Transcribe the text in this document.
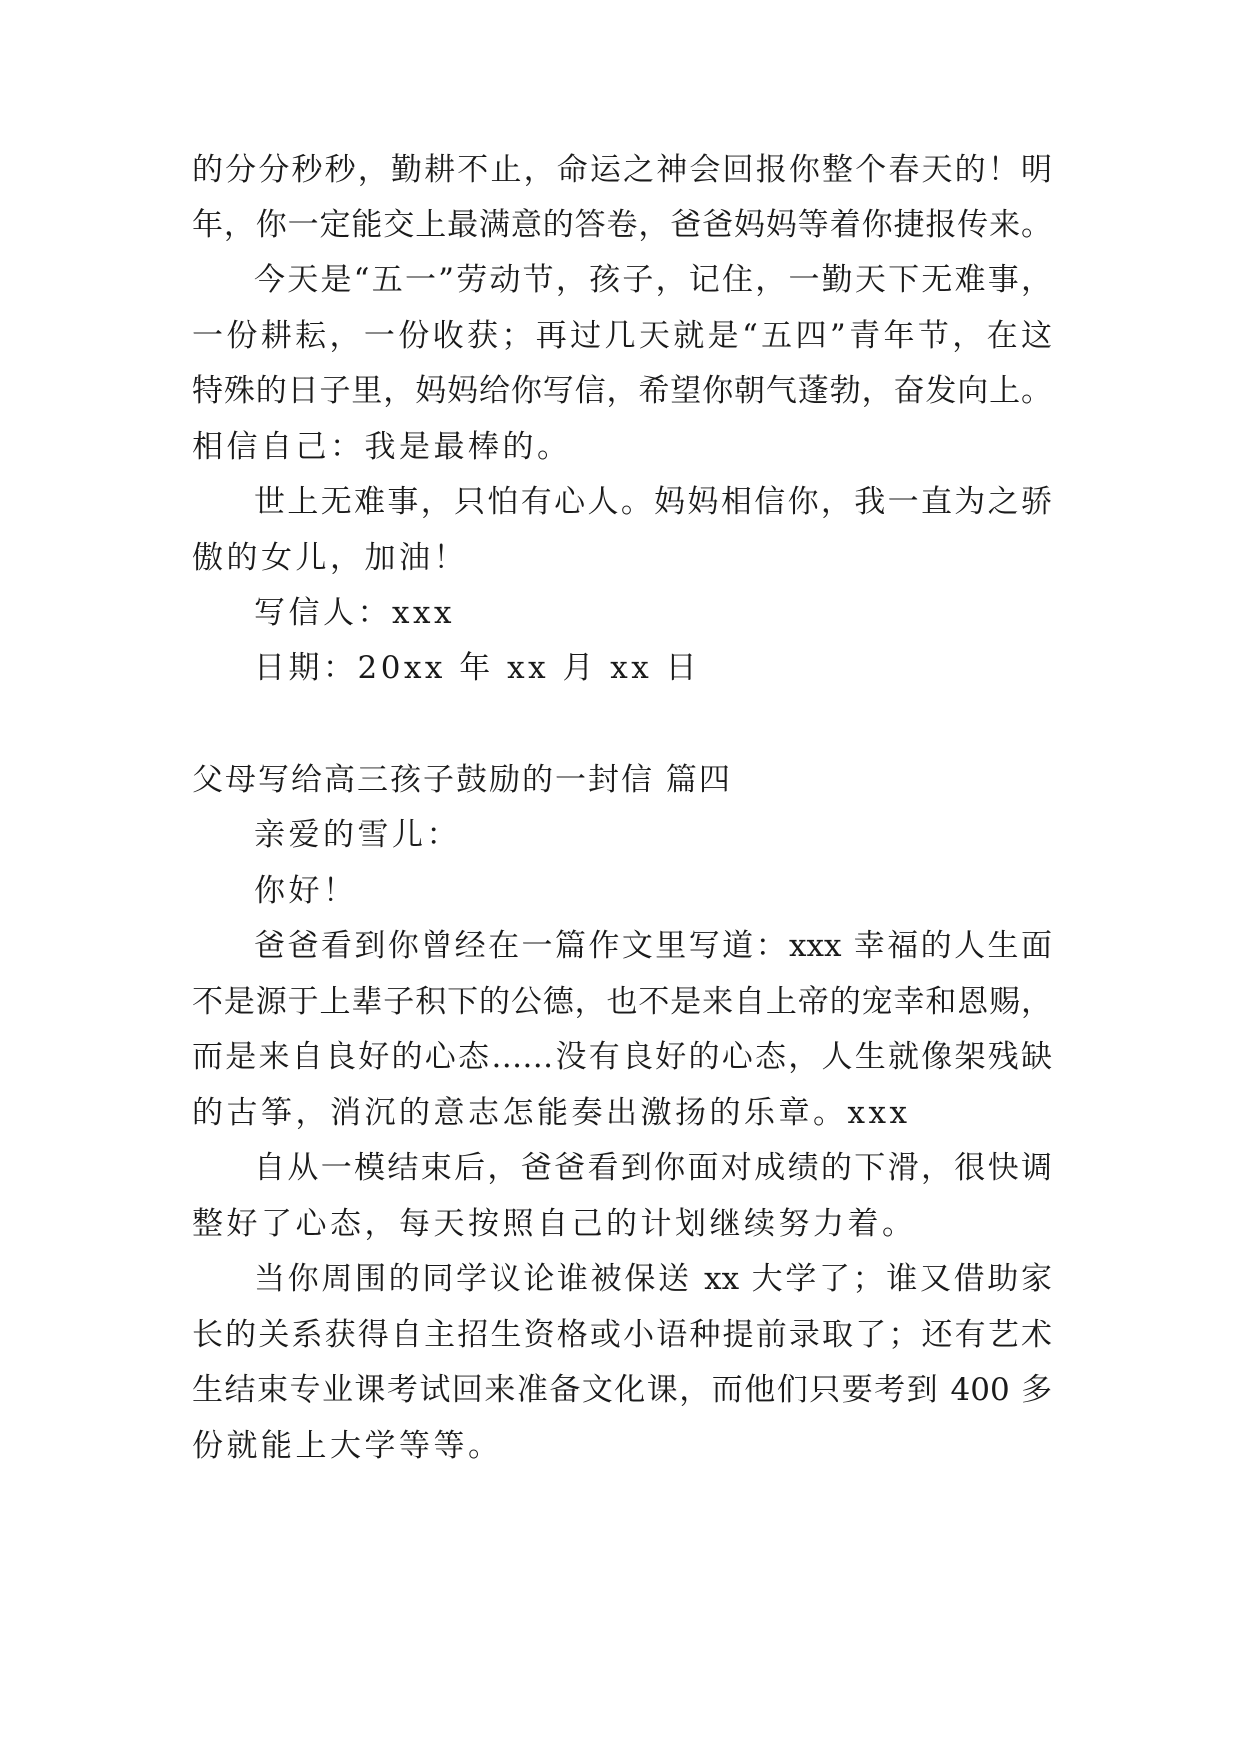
的分分秒秒，勤耕不止，命运之神会回报你整个春天的！明
年，你一定能交上最满意的答卷，爸爸妈妈等着你捷报传来。
今天是“五一”劳动节，孩子，记住，一勤天下无难事，
一份耕耘，一份收获；再过几天就是“五四”青年节，在这
特殊的日子里，妈妈给你写信，希望你朝气蓬勃，奋发向上。
相信自己：我是最棒的。
世上无难事，只怕有心人。妈妈相信你，我一直为之骄
傲的女儿，加油！
写信人：xxx
日期：20xx 年 xx 月 xx 日
父母写给高三孩子鼓励的一封信 篇四
亲爱的雪儿：
你好！
爸爸看到你曾经在一篇作文里写道：xxx 幸福的人生面
不是源于上辈子积下的公德，也不是来自上帝的宠幸和恩赐，
而是来自良好的心态……没有良好的心态，人生就像架残缺
的古筝，消沉的意志怎能奏出激扬的乐章。xxx
自从一模结束后，爸爸看到你面对成绩的下滑，很快调
整好了心态，每天按照自己的计划继续努力着。
当你周围的同学议论谁被保送 xx 大学了；谁又借助家
长的关系获得自主招生资格或小语种提前录取了；还有艺术
生结束专业课考试回来准备文化课，而他们只要考到 400 多
份就能上大学等等。
